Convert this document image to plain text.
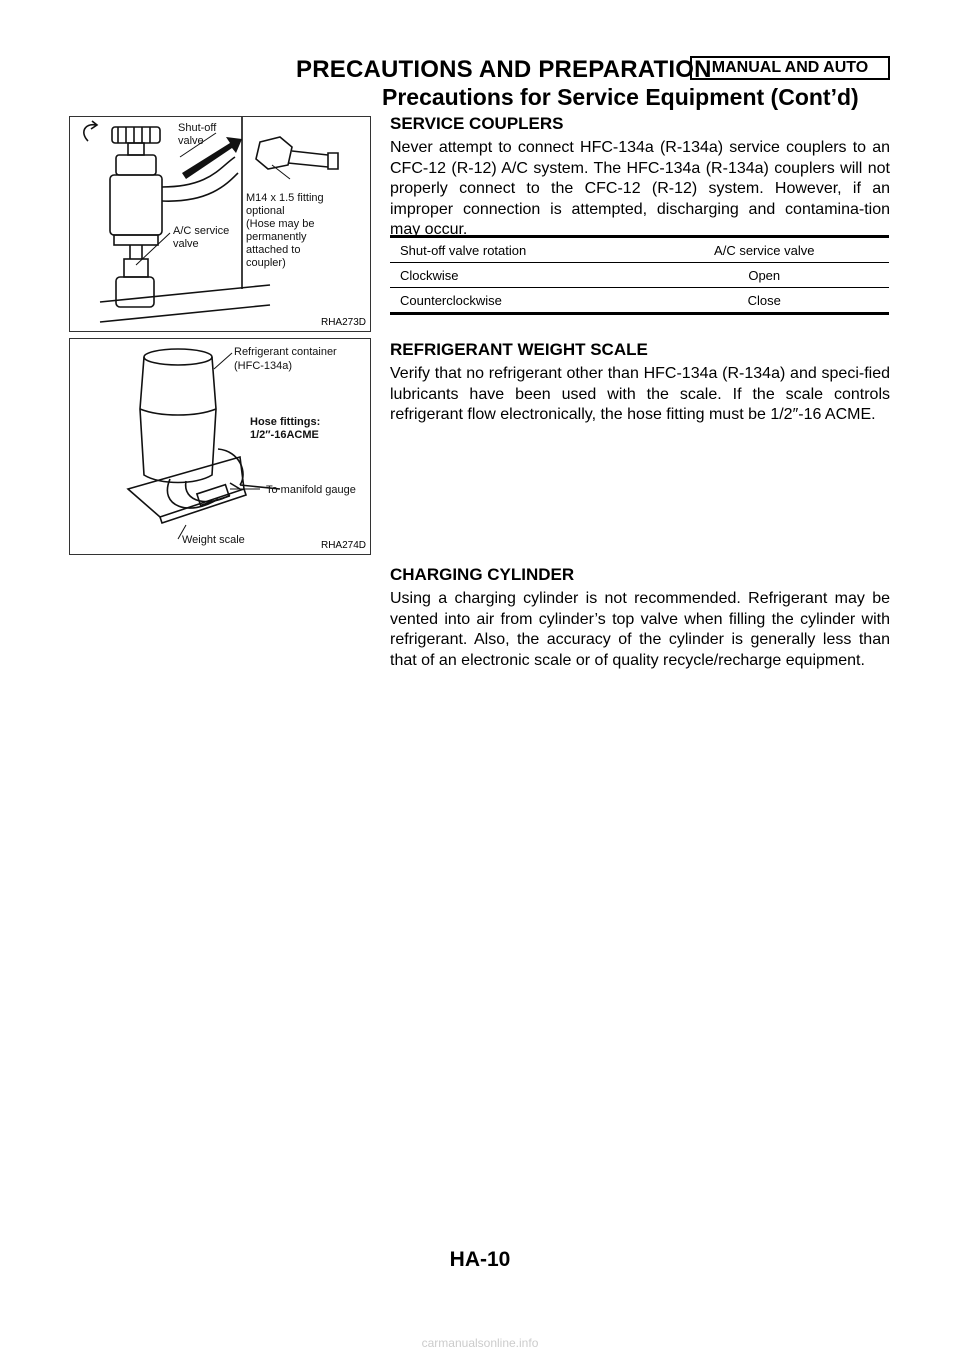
PRECAUTIONS AND PREPARATION MANUAL AND AUTO
Precautions for Service Equipment (Cont’d)
Shut-off
valve
M14 x 1.5 fitting
optional
(Hose may be
permanently
attached to
coupler)
A/C service
valve
RHA273D
Refrigerant container
(HFC-134a)
Hose fittings:
1/2″-16ACME
To manifold gauge
Weight scale	RHA274D
SERVICE COUPLERS
Never attempt to connect HFC-134a (R-134a) service couplers to an CFC-12 (R-12) A/C system. The HFC-134a (R-134a) couplers will not properly connect to the CFC-12 (R-12) system. However, if an improper connection is attempted, discharging and contamina-tion may occur.
Shut-off valve rotation	A/C service valve
Clockwise	Open
Counterclockwise	Close
REFRIGERANT WEIGHT SCALE
Verify that no refrigerant other than HFC-134a (R-134a) and speci-fied lubricants have been used with the scale. If the scale controls refrigerant flow electronically, the hose fitting must be 1/2″-16 ACME.
CHARGING CYLINDER
Using a charging cylinder is not recommended. Refrigerant may be vented into air from cylinder’s top valve when filling the cylinder with refrigerant. Also, the accuracy of the cylinder is generally less than that of an electronic scale or of quality recycle/recharge equipment.
HA-10
carmanualsonline.info
